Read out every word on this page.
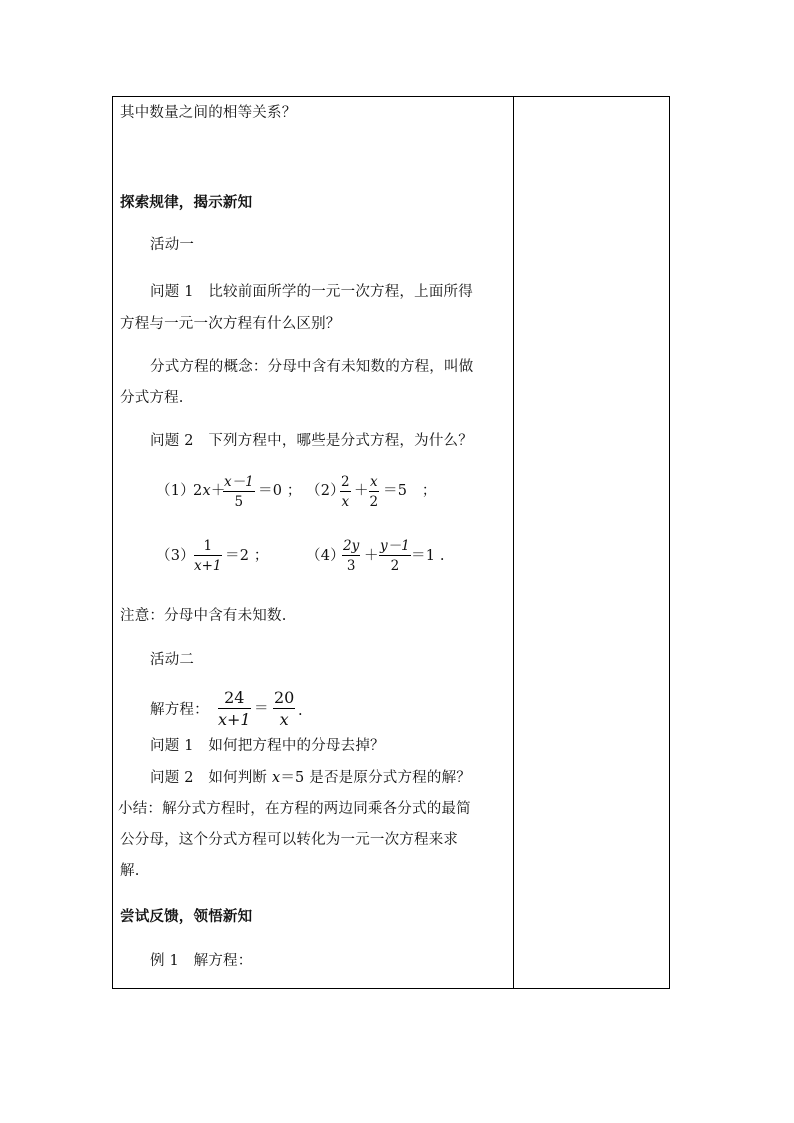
其中数量之间的相等关系？
探索规律，揭示新知
活动一
问题 1　比较前面所学的一元一次方程，上面所得
方程与一元一次方程有什么区别？
分式方程的概念：分母中含有未知数的方程，叫做
分式方程.
问题 2　下列方程中，哪些是分式方程，为什么？
（1）
2x＋
$\frac{x-1}{5} =0$ ； （2）
$\frac{2}{x} + \frac{x}{2} =5$　；
$(3) \frac{1}{x+1} =2$ ；	（4）
$\frac{2y}{3} + \frac{y-1}{2} =1$ .
注意：分母中含有未知数.
活动二
解方程： $\frac{24}{x+1} = \frac{20}{x}$ .
问题 1　如何把方程中的分母去掉？
问题 2　如何判断 x＝5 是否是原分式方程的解？
小结：解分式方程时，在方程的两边同乘各分式的最简
公分母，这个分式方程可以转化为一元一次方程来求
解.
尝试反馈，领悟新知
例 1　解方程：
